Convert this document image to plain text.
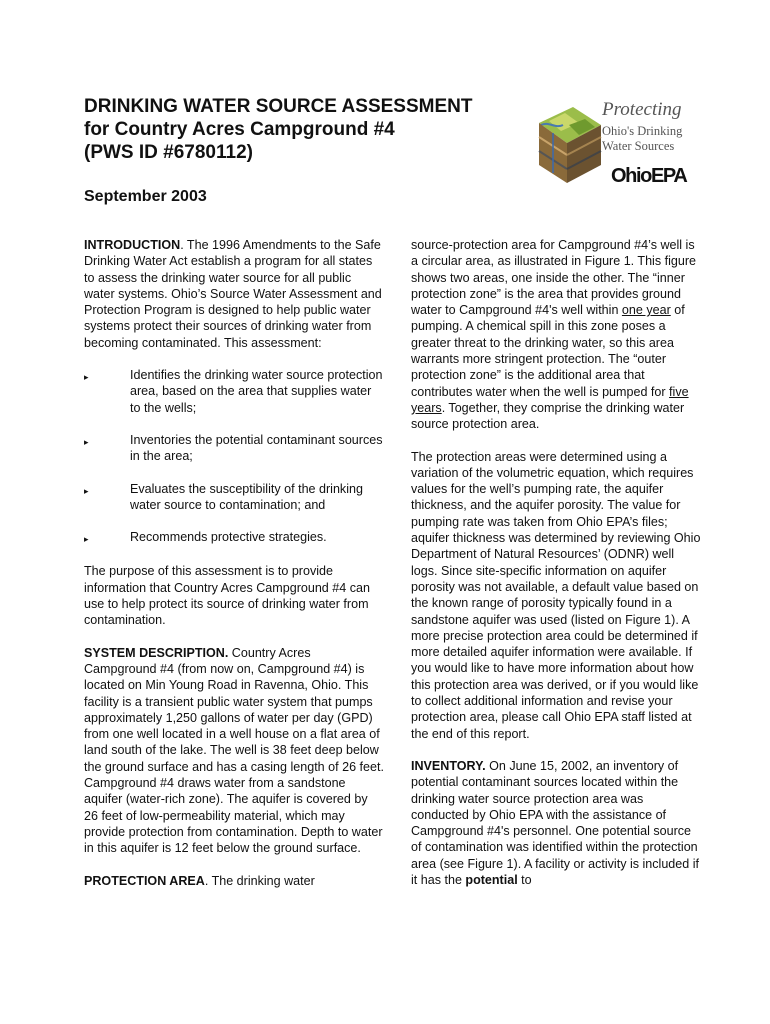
DRINKING WATER SOURCE ASSESSMENT

for Country Acres Campground #4

(PWS ID #6780112)

September 2003
Protecting
Ohio's Drinking
Water Sources
OhioEPA

INTRODUCTION. The 1996 Amendments to the Safe Drinking Water Act establish a program for all states to assess the drinking water source for all public water systems. Ohio’s Source Water Assessment and Protection Program is designed to help public water systems protect their sources of drinking water from becoming contaminated. This assessment:

▸	Identifies the drinking water source protection area, based on the area that supplies water to the wells;
▸	Inventories the potential contaminant sources in the area;
▸	Evaluates the susceptibility of the drinking water source to contamination; and
▸	Recommends protective strategies.

The purpose of this assessment is to provide information that Country Acres Campground #4 can use to help protect its source of drinking water from contamination.

SYSTEM DESCRIPTION. Country Acres Campground #4 (from now on, Campground #4) is located on Min Young Road in Ravenna, Ohio. This facility is a transient public water system that pumps approximately 1,250 gallons of water per day (GPD) from one well located in a well house on a flat area of land south of the lake. The well is 38 feet deep below the ground surface and has a casing length of 26 feet. Campground #4 draws water from a sandstone aquifer (water-rich zone). The aquifer is covered by 26 feet of low-permeability material, which may provide protection from contamination. Depth to water in this aquifer is 12 feet below the ground surface.

PROTECTION AREA. The drinking water

source-protection area for Campground #4’s well is a circular area, as illustrated in Figure 1. This figure shows two areas, one inside the other. The “inner protection zone” is the area that provides ground water to Campground #4's well within one year of pumping. A chemical spill in this zone poses a greater threat to the drinking water, so this area warrants more stringent protection. The “outer protection zone” is the additional area that contributes water when the well is pumped for five years. Together, they comprise the drinking water source protection area.

The protection areas were determined using a variation of the volumetric equation, which requires values for the well’s pumping rate, the aquifer thickness, and the aquifer porosity. The value for pumping rate was taken from Ohio EPA’s files; aquifer thickness was determined by reviewing Ohio Department of Natural Resources’ (ODNR) well logs. Since site-specific information on aquifer porosity was not available, a default value based on the known range of porosity typically found in a sandstone aquifer was used (listed on Figure 1). A more precise protection area could be determined if more detailed aquifer information were available. If you would like to have more information about how this protection area was derived, or if you would like to collect additional information and revise your protection area, please call Ohio EPA staff listed at the end of this report.

INVENTORY. On June 15, 2002, an inventory of potential contaminant sources located within the drinking water source protection area was conducted by Ohio EPA with the assistance of Campground #4's personnel. One potential source of contamination was identified within the protection area (see Figure 1). A facility or activity is included if it has the potential to
